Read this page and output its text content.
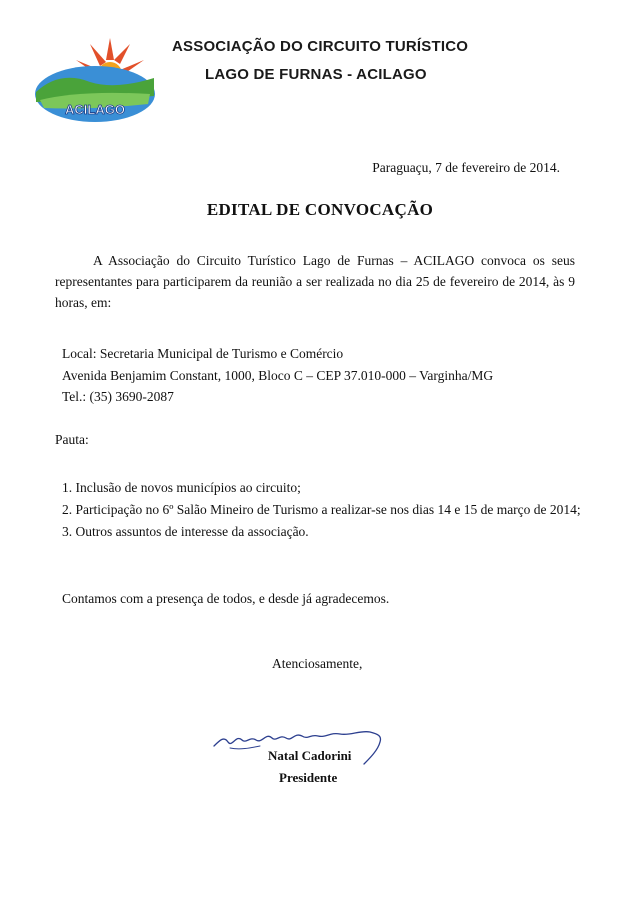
ACILAGO
ASSOCIAÇÃO DO CIRCUITO TURÍSTICO
LAGO DE FURNAS - ACILAGO
Paraguaçu, 7 de fevereiro de 2014.
EDITAL DE CONVOCAÇÃO
A Associação do Circuito Turístico Lago de Furnas – ACILAGO convoca os seus representantes para participarem da reunião a ser realizada no dia 25 de fevereiro de 2014, às 9 horas, em:
Local: Secretaria Municipal de Turismo e Comércio
Avenida Benjamim Constant, 1000, Bloco C – CEP 37.010-000 – Varginha/MG
Tel.: (35) 3690-2087
Pauta:
1. Inclusão de novos municípios ao circuito;
2. Participação no 6º Salão Mineiro de Turismo a realizar-se nos dias 14 e 15 de março de 2014;
3. Outros assuntos de interesse da associação.
Contamos com a presença de todos, e desde já agradecemos.
Atenciosamente,
Natal Cadorini
Presidente
